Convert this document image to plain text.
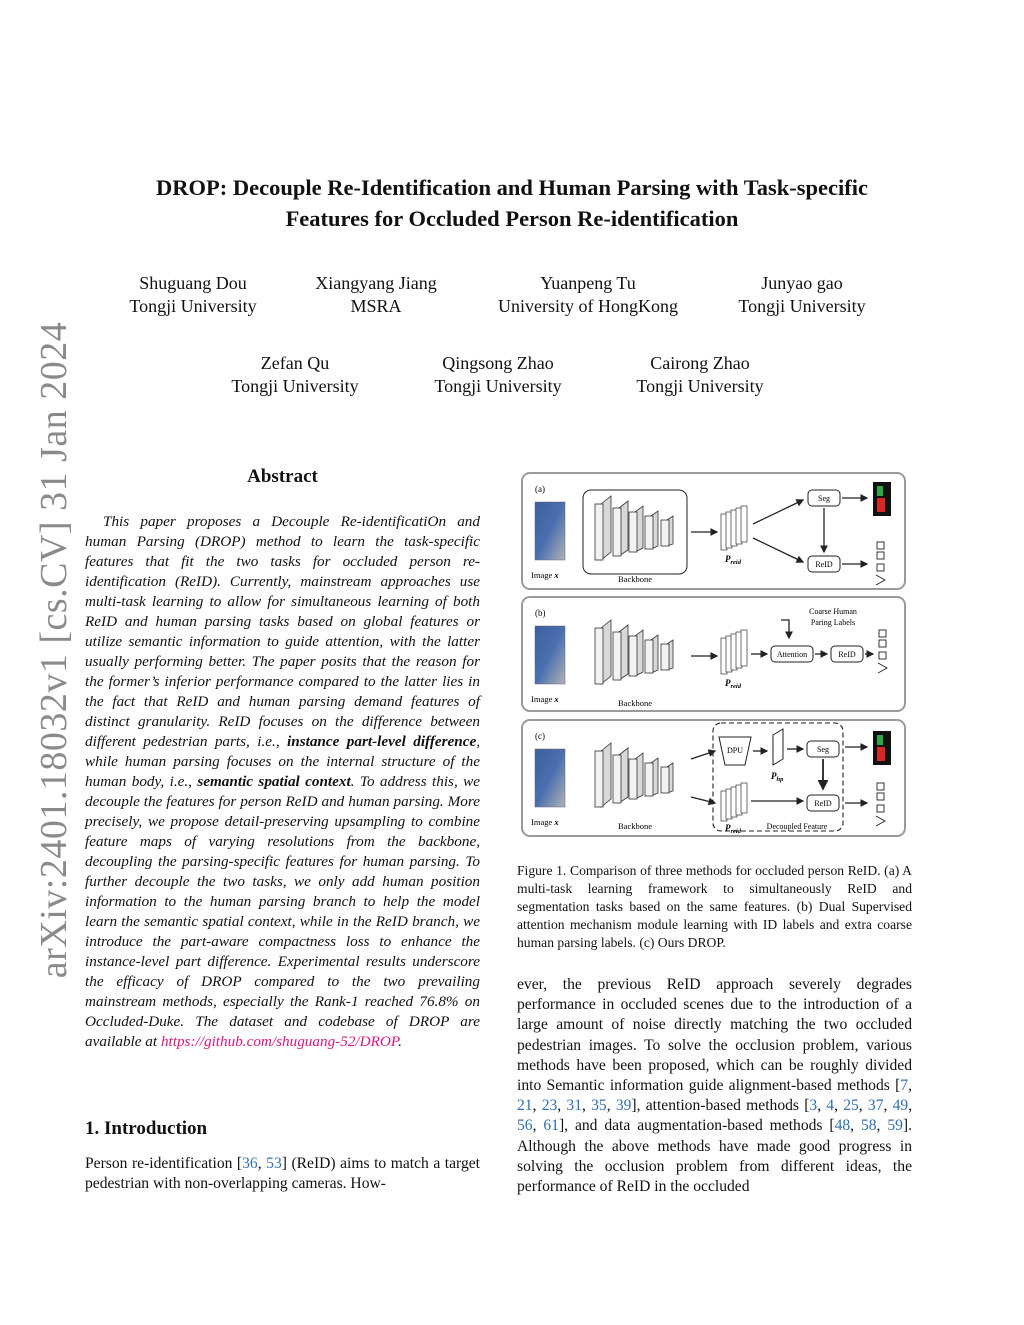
DROP: Decouple Re-Identification and Human Parsing with Task-specific
Features for Occluded Person Re-identification
Shuguang Dou
Tongji University
Xiangyang Jiang
MSRA
Yuanpeng Tu
University of HongKong
Junyao gao
Tongji University
Zefan Qu
Tongji University
Qingsong Zhao
Tongji University
Cairong Zhao
Tongji University
arXiv:2401.18032v1 [cs.CV] 31 Jan 2024	Abstract

This paper proposes a Decouple Re-identificatiOn and human Parsing (DROP) method to learn the task-specific features that fit the two tasks for occluded person re-identification (ReID). Currently, mainstream approaches use multi-task learning to allow for simultaneous learning of both ReID and human parsing tasks based on global features or utilize semantic information to guide attention, with the latter usually performing better. The paper posits that the reason for the former’s inferior performance compared to the latter lies in the fact that ReID and human parsing demand features of distinct granularity. ReID focuses on the difference between different pedestrian parts, i.e., instance part-level difference, while human parsing focuses on the internal structure of the human body, i.e., semantic spatial context. To address this, we decouple the features for person ReID and human parsing. More precisely, we propose detail-preserving upsampling to combine feature maps of varying resolutions from the backbone, decoupling the parsing-specific features for human parsing. To further decouple the two tasks, we only add human position information to the human parsing branch to help the model learn the semantic spatial context, while in the ReID branch, we introduce the part-aware compactness loss to enhance the instance-level part difference. Experimental results underscore the efficacy of DROP compared to the two prevailing mainstream methods, especially the Rank-1 reached 76.8% on Occluded-Duke. The dataset and codebase of DROP are available at https://github.com/shuguang-52/DROP.

1. Introduction

Person re-identification [36, 53] (ReID) aims to match a target pedestrian with non-overlapping cameras. How-

(a)
Image x	Backbone
$P_{reid}$
Seg
ReID
(b)
Image x	Backbone
$P_{reid}$
Attention	ReID
Coarse Human
Paring Labels
(c)
Image x	Backbone
DPU
$P_{hp}$
Seg
$P_{reid}$
ReID
Decoupled Feature

Figure 1. Comparison of three methods for occluded person ReID. (a) A multi-task learning framework to simultaneously ReID and segmentation tasks based on the same features. (b) Dual Supervised attention mechanism module learning with ID labels and extra coarse human parsing labels. (c) Ours DROP.

ever, the previous ReID approach severely degrades performance in occluded scenes due to the introduction of a large amount of noise directly matching the two occluded pedestrian images. To solve the occlusion problem, various methods have been proposed, which can be roughly divided into Semantic information guide alignment-based methods [7, 21, 23, 31, 35, 39], attention-based methods [3, 4, 25, 37, 49, 56, 61], and data augmentation-based methods [48, 58, 59]. Although the above methods have made good progress in solving the occlusion problem from different ideas, the performance of ReID in the occluded
